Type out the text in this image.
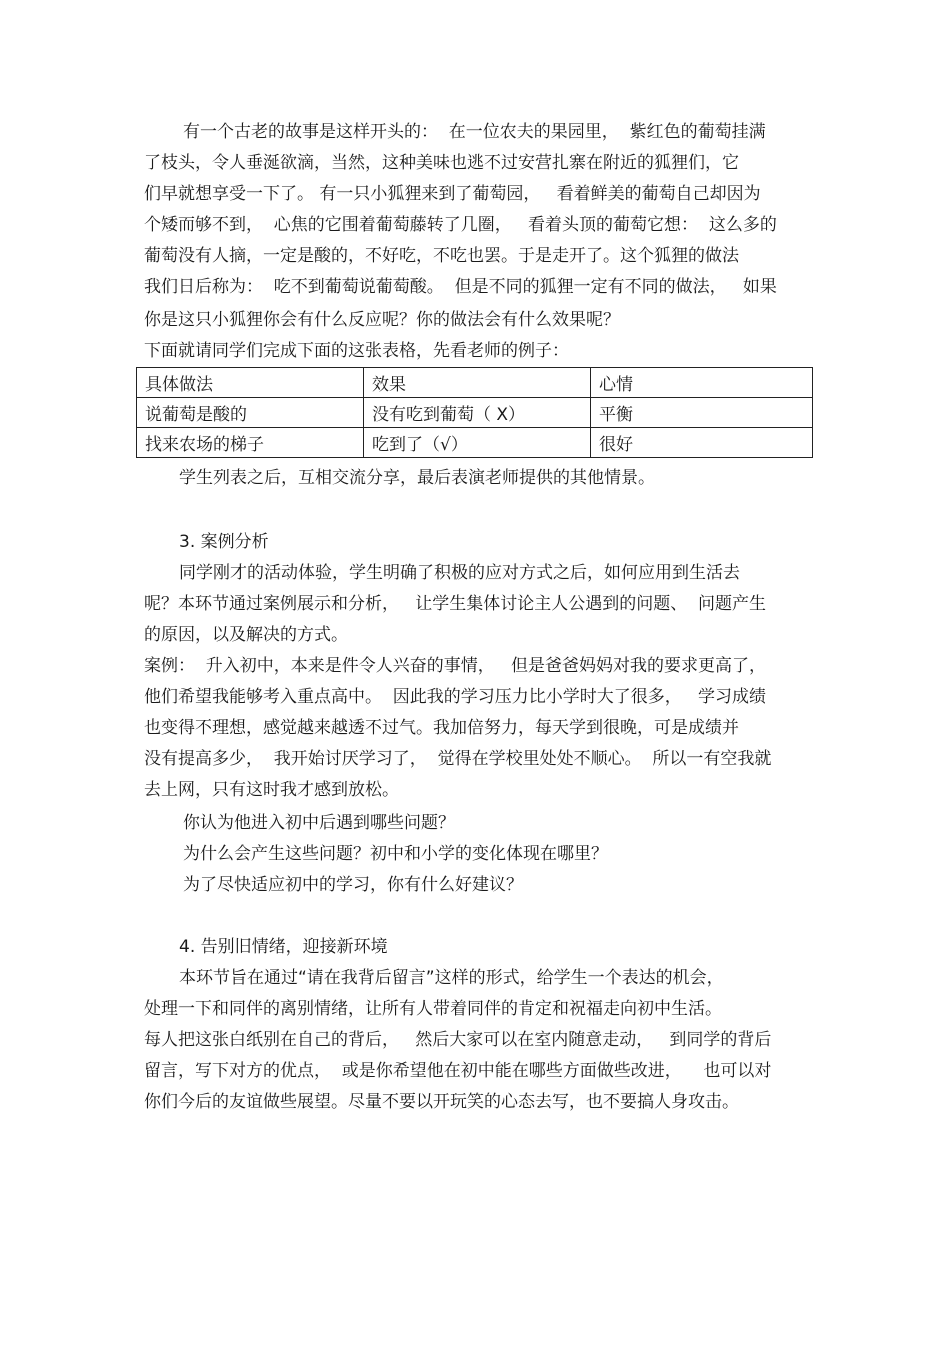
有一个古老的故事是这样开头的：  在一位农夫的果园里，  紫红色的葡萄挂满

了枝头，令人垂涎欲滴，当然，这种美味也逃不过安营扎寨在附近的狐狸们，它

们早就想享受一下了。 有一只小狐狸来到了葡萄园，   看着鲜美的葡萄自己却因为

个矮而够不到，  心焦的它围着葡萄藤转了几圈，   看着头顶的葡萄它想：  这么多的

葡萄没有人摘，一定是酸的，不好吃，不吃也罢。于是走开了。这个狐狸的做法

我们日后称为：  吃不到葡萄说葡萄酸。  但是不同的狐狸一定有不同的做法，   如果

你是这只小狐狸你会有什么反应呢？你的做法会有什么效果呢？

下面就请同学们完成下面的这张表格，先看老师的例子：

具体做法	效果	心情
说葡萄是酸的	没有吃到葡萄（ X）	平衡
找来农场的梯子	吃到了（√）	很好

学生列表之后，互相交流分享，最后表演老师提供的其他情景。

3. 案例分析

同学刚才的活动体验，学生明确了积极的应对方式之后，如何应用到生活去

呢？本环节通过案例展示和分析，   让学生集体讨论主人公遇到的问题、  问题产生

的原因，以及解决的方式。

案例：  升入初中，本来是件令人兴奋的事情，   但是爸爸妈妈对我的要求更高了，

他们希望我能够考入重点高中。  因此我的学习压力比小学时大了很多，   学习成绩

也变得不理想，感觉越来越透不过气。我加倍努力，每天学到很晚，可是成绩并

没有提高多少，  我开始讨厌学习了，  觉得在学校里处处不顺心。  所以一有空我就

去上网，只有这时我才感到放松。

你认为他进入初中后遇到哪些问题？

为什么会产生这些问题？初中和小学的变化体现在哪里？

为了尽快适应初中的学习，你有什么好建议？

4. 告别旧情绪，迎接新环境

本环节旨在通过“请在我背后留言”这样的形式，给学生一个表达的机会，

处理一下和同伴的离别情绪，让所有人带着同伴的肯定和祝福走向初中生活。

每人把这张白纸别在自己的背后，   然后大家可以在室内随意走动，   到同学的背后

留言，写下对方的优点，  或是你希望他在初中能在哪些方面做些改进，    也可以对

你们今后的友谊做些展望。尽量不要以开玩笑的心态去写，也不要搞人身攻击。
